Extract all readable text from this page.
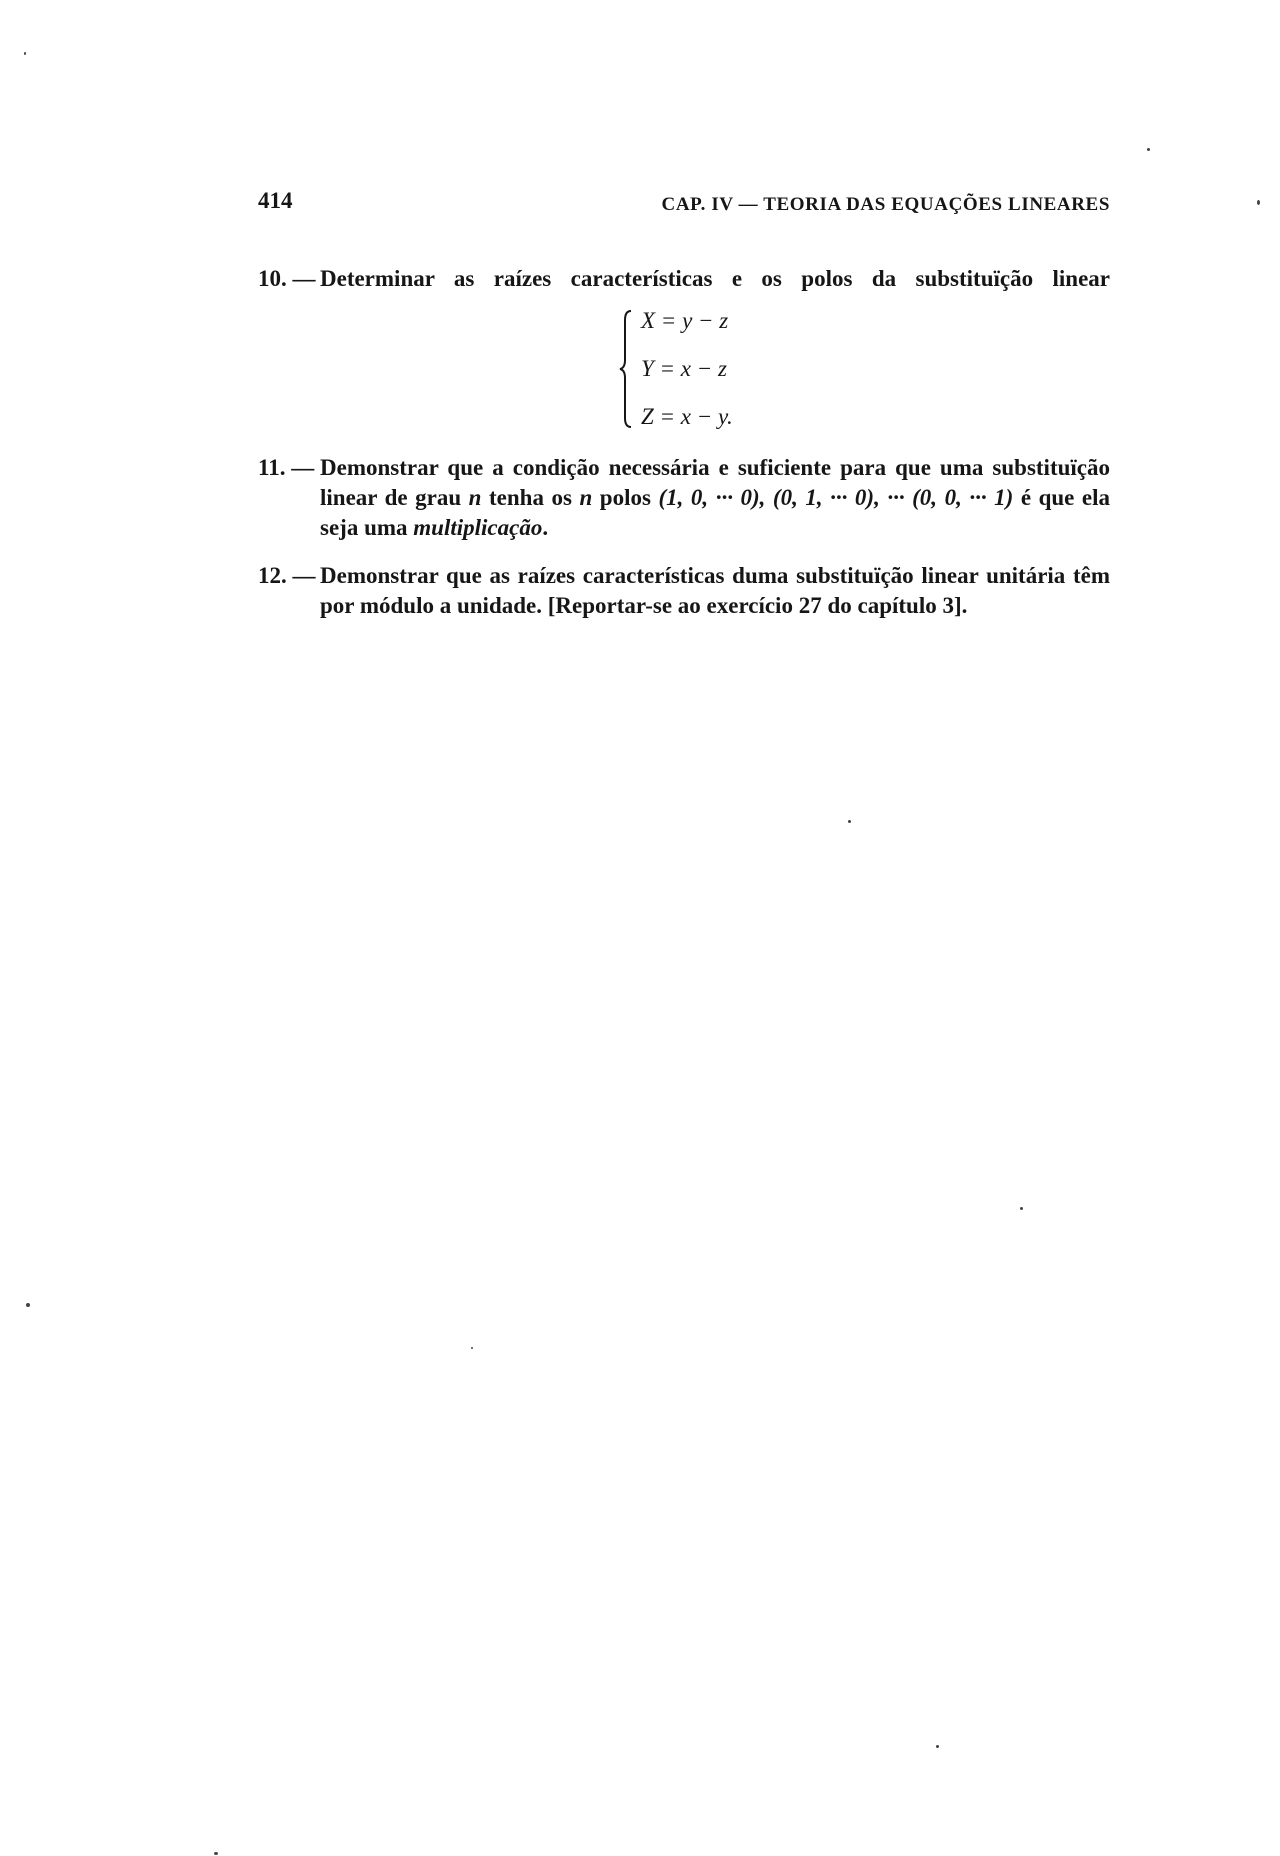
414	CAP. IV — TEORIA DAS EQUAÇÕES LINEARES
10. — Determinar as raízes características e os polos da substituïção linear
X = y − z
Y = x − z
Z = x − y.
11. — Demonstrar que a condição necessária e suficiente para que uma substituïção linear de grau n tenha os n polos (1, 0, ··· 0), (0, 1, ··· 0), ··· (0, 0, ··· 1) é que ela seja uma multiplicação.
12. — Demonstrar que as raízes características duma substituïção linear unitária têm por módulo a unidade. [Reportar-se ao exercício 27 do capítulo 3].
